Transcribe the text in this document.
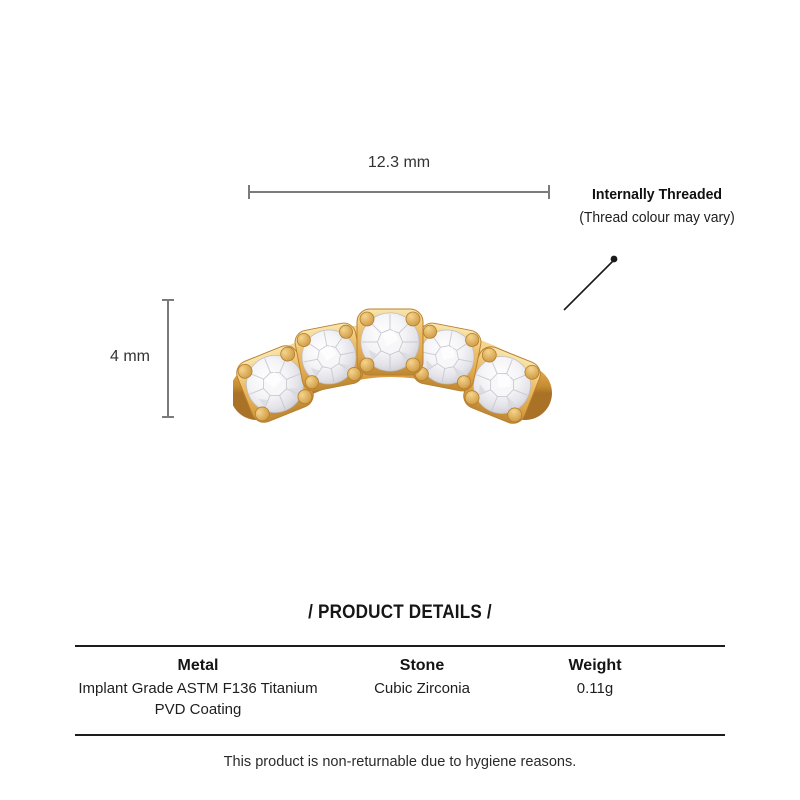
12.3 mm
4 mm
Internally Threaded
(Thread colour may vary)
/ PRODUCT DETAILS /
Metal
Implant Grade ASTM F136 Titanium
PVD Coating
Stone
Cubic Zirconia
Weight
0.11g
This product is non-returnable due to hygiene reasons.
